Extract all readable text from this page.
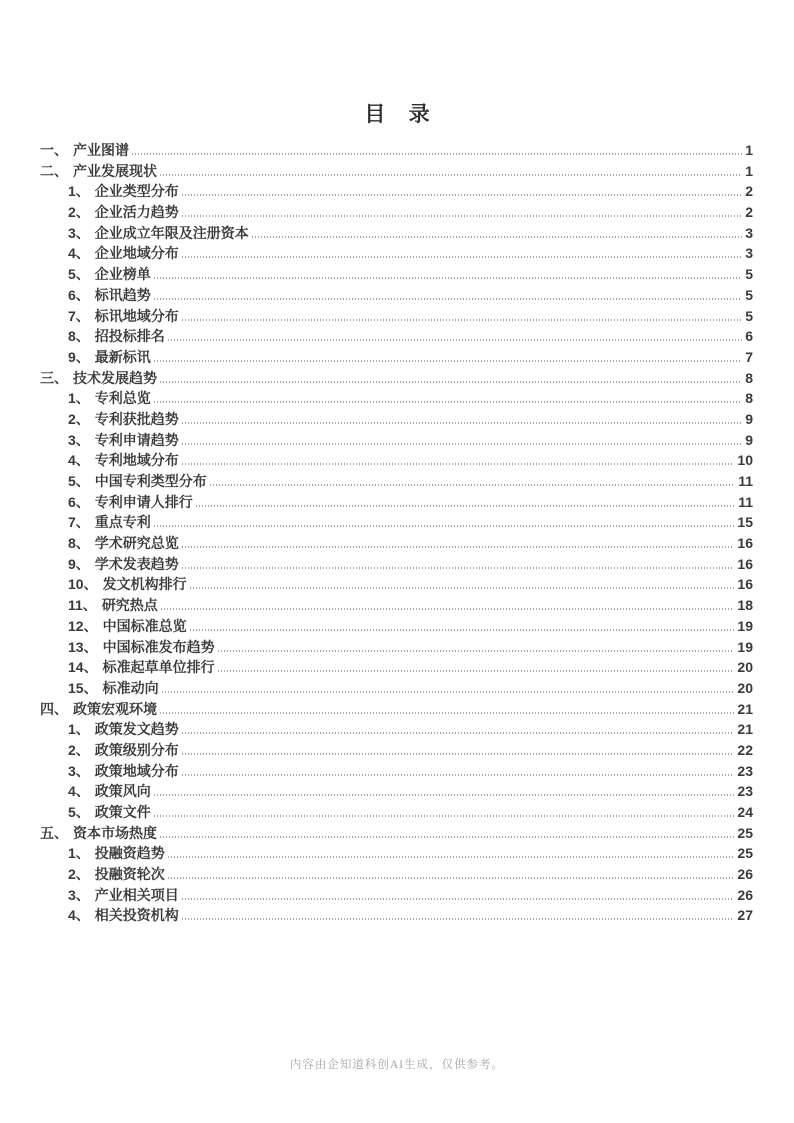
目 录
一、 产业图谱	1
二、 产业发展现状	1
1、 企业类型分布	2
2、 企业活力趋势	2
3、 企业成立年限及注册资本	3
4、 企业地域分布	3
5、 企业榜单	5
6、 标讯趋势	5
7、 标讯地域分布	5
8、 招投标排名	6
9、 最新标讯	7
三、 技术发展趋势	8
1、 专利总览	8
2、 专利获批趋势	9
3、 专利申请趋势	9
4、 专利地域分布	10
5、 中国专利类型分布	11
6、 专利申请人排行	11
7、 重点专利	15
8、 学术研究总览	16
9、 学术发表趋势	16
10、 发文机构排行	16
11、 研究热点	18
12、 中国标准总览	19
13、 中国标准发布趋势	19
14、 标准起草单位排行	20
15、 标准动向	20
四、 政策宏观环境	21
1、 政策发文趋势	21
2、 政策级别分布	22
3、 政策地域分布	23
4、 政策风向	23
5、 政策文件	24
五、 资本市场热度	25
1、 投融资趋势	25
2、 投融资轮次	26
3、 产业相关项目	26
4、 相关投资机构	27
内容由企知道科创AI生成，仅供参考。
